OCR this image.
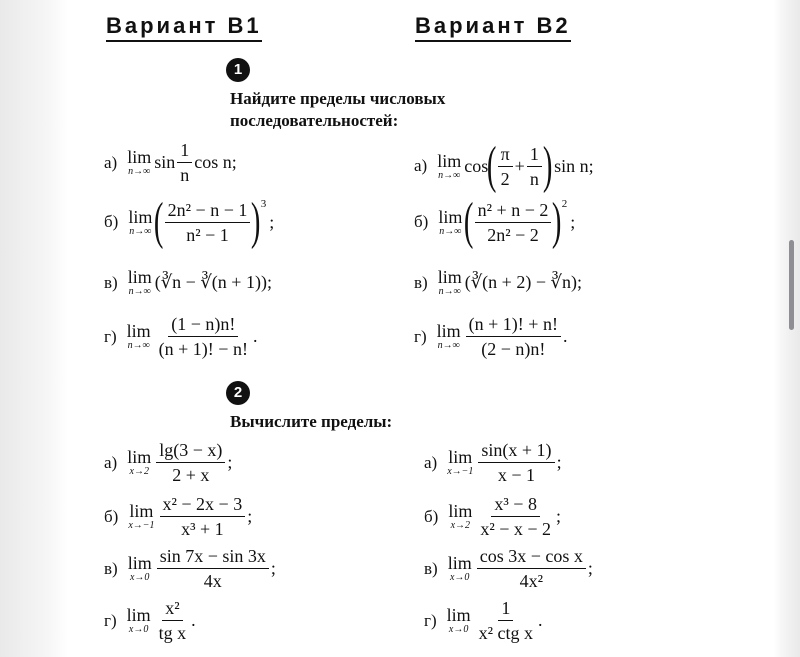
Вариант В1	Вариант В2
1
Найдите пределы числовых
последовательностей:
а) lim
n→∞ $\sin \frac{1}{n}$ cos n;
б) lim
n→∞ ( $\frac{\text{2n² − n − 1}}{\text{n² − 1}}$ ) 3
;
в) lim
n→∞ (∛n − ∛(n + 1));
г) lim
$n\to\infty \frac{(1 - n)n!}{(n + 1)! - n!}$ .
а) lim
n→∞ cos
( $\frac{\pi}{2} + \frac{1}{n}$ ) sin n;
б) lim
n→∞ ( $\frac{\text{n² + n − 2}}{\text{2n² − 2}}$ ) 2
;
в) lim
n→∞ (∛(n + 2) − ∛n);
г) lim
$n\to\infty \frac{(n + 1)! + n!}{(2 - n)n!}$ .
2
Вычислите пределы:
а) lim
$x\to 2 \frac{\lg(3 - x)}{2 + x}$ ;
б) lim
$x\to-1 \frac{\text{x² − 2x − 3}}{\text{x³ + 1}}$ ;
в) lim
$x\to 0 \frac{\sin 7x - \sin 3x}{4x}$ ;
г) lim
$x\to 0 \frac{\text{x²}}{\text{tg x}}$ .
а) lim
$x\to-1 \frac{\sin(x + 1)}{x - 1}$ ;
б) lim
$x\to 2 \frac{\text{x³ − 8}}{\text{x² − x − 2}}$ ;
в) lim
$x\to 0 \frac{\text{cos 3x − cos x}}{\text{4x²}}$ ;
г) lim
$x\to 0 \frac{1}{\text{x² ctg x}}$ .
